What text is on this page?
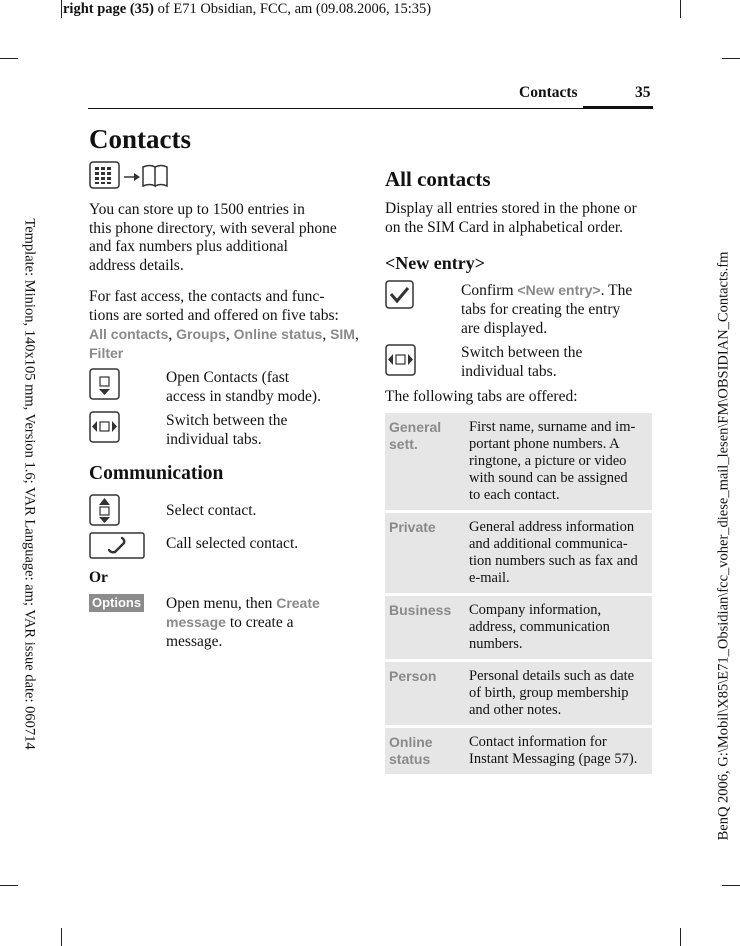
right page (35) of E71 Obsidian, FCC, am (09.08.2006, 15:35)
Template: Minion, 140x105 mm, Version 1.6; VAR Language: am; VAR issue date: 060714	BenQ 2006, G:\Mobil\X85\E71_Obsidian\fcc_voher_diese_mail_lesen\FM\OBSIDIAN_Contacts.fm
Contacts	35
Contacts

You can store up to 1500 entries in
this phone directory, with several phone
and fax numbers plus additional
address details.

For fast access, the contacts and func-
tions are sorted and offered on five tabs:

All contacts, Groups, Online status, SIM,
Filter

Open Contacts (fast
access in standby mode).

Switch between the
individual tabs.

Communication

Select contact.

Call selected contact.

Or

Options Open menu, then Create
message to create a
message.

All contacts

Display all entries stored in the phone or
on the SIM Card in alphabetical order.

<New entry>

Confirm <New entry>. The
tabs for creating the entry
are displayed.

Switch between the
individual tabs.

The following tabs are offered:

General
sett.	First name, surname and im-
portant phone numbers. A
ringtone, a picture or video
with sound can be assigned
to each contact.
Private	General address information
and additional communica-
tion numbers such as fax and
e-mail.
Business	Company information,
address, communication
numbers.
Person	Personal details such as date
of birth, group membership
and other notes.
Online
status	Contact information for
Instant Messaging (page 57).
